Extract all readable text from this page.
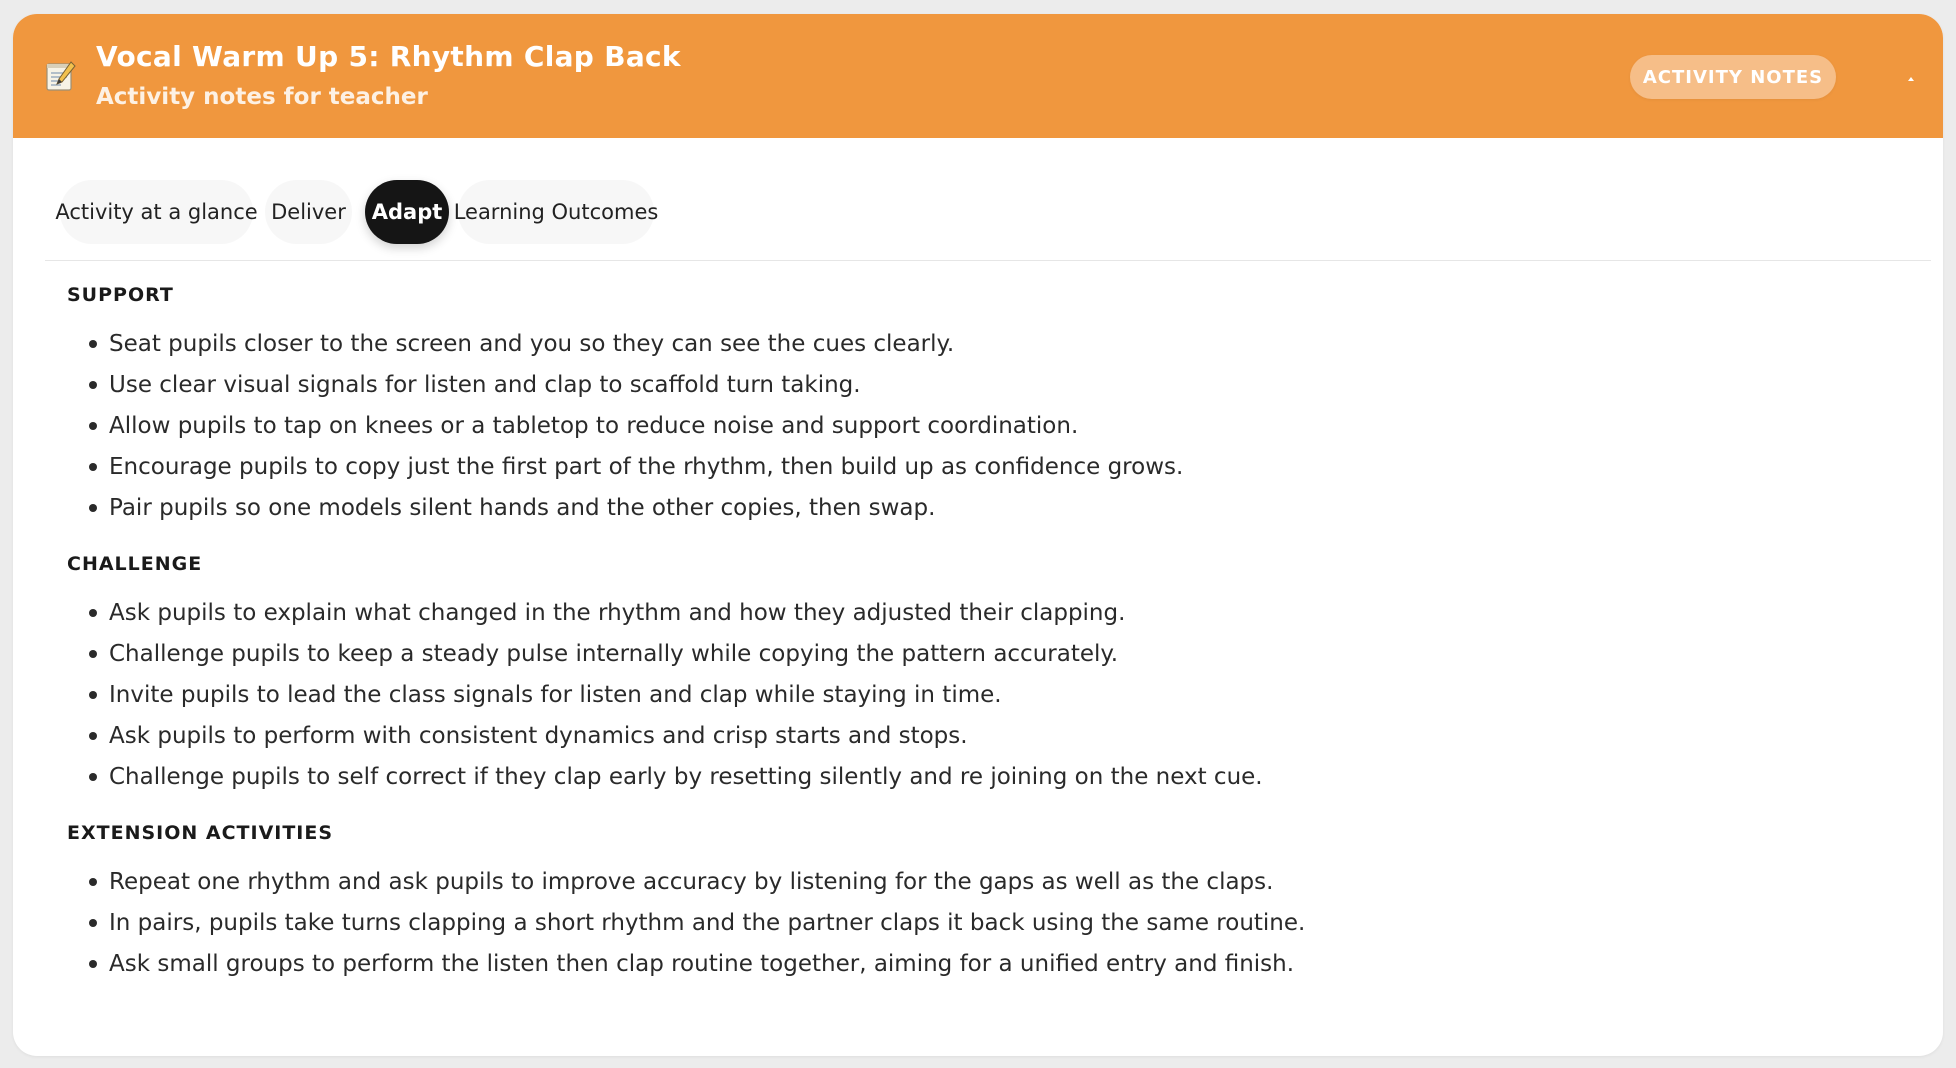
Vocal Warm Up 5: Rhythm Clap Back
Activity notes for teacher
ACTIVITY NOTES
Activity at a glance Deliver	Adapt Learning Outcomes
SUPPORT
Seat pupils closer to the screen and you so they can see the cues clearly.
Use clear visual signals for listen and clap to scaffold turn taking.
Allow pupils to tap on knees or a tabletop to reduce noise and support coordination.
Encourage pupils to copy just the first part of the rhythm, then build up as confidence grows.
Pair pupils so one models silent hands and the other copies, then swap.
CHALLENGE
Ask pupils to explain what changed in the rhythm and how they adjusted their clapping.
Challenge pupils to keep a steady pulse internally while copying the pattern accurately.
Invite pupils to lead the class signals for listen and clap while staying in time.
Ask pupils to perform with consistent dynamics and crisp starts and stops.
Challenge pupils to self correct if they clap early by resetting silently and re joining on the next cue.
EXTENSION ACTIVITIES
Repeat one rhythm and ask pupils to improve accuracy by listening for the gaps as well as the claps.
In pairs, pupils take turns clapping a short rhythm and the partner claps it back using the same routine.
Ask small groups to perform the listen then clap routine together, aiming for a unified entry and finish.
